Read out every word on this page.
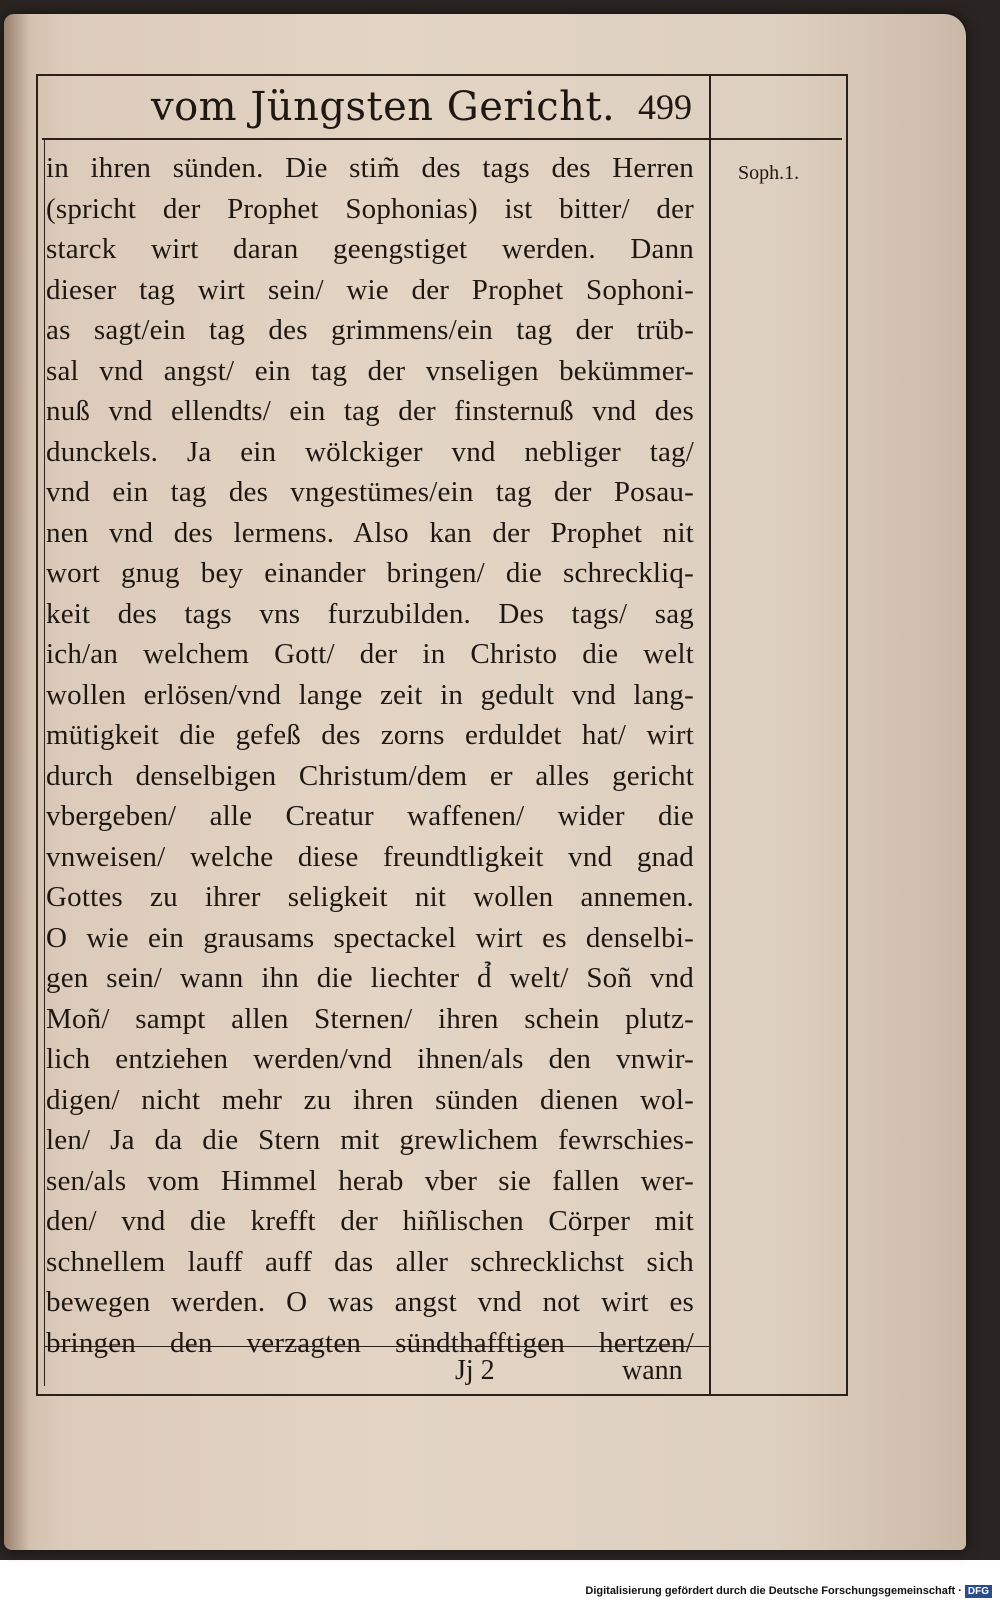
vom Jüngsten Gericht. 499
Soph.1.
in ihren sünden. Die stim̃ des tags des Herren
(spricht der Prophet Sophonias) ist bitter/ der
starck wirt daran geengstiget werden. Dann
dieser tag wirt sein/ wie der Prophet Sophoni-
as sagt/ein tag des grimmens/ein tag der trüb-
sal vnd angst/ ein tag der vnseligen bekümmer-
nuß vnd ellendts/ ein tag der finsternuß vnd des
dunckels. Ja ein wölckiger vnd nebliger tag/
vnd ein tag des vngestümes/ein tag der Posau-
nen vnd des lermens. Also kan der Prophet nit
wort gnug bey einander bringen/ die schreckliq-
keit des tags vns furzubilden. Des tags/ sag
ich/an welchem Gott/ der in Christo die welt
wollen erlösen/vnd lange zeit in gedult vnd lang-
mütigkeit die gefeß des zorns erduldet hat/ wirt
durch denselbigen Christum/dem er alles gericht
vbergeben/ alle Creatur waffenen/ wider die
vnweisen/ welche diese freundtligkeit vnd gnad
Gottes zu ihrer seligkeit nit wollen annemen.
O wie ein grausams spectackel wirt es denselbi-
gen sein/ wann ihn die liechter d̉ welt/ Soñ vnd
Moñ/ sampt allen Sternen/ ihren schein plutz-
lich entziehen werden/vnd ihnen/als den vnwir-
digen/ nicht mehr zu ihren sünden dienen wol-
len/ Ja da die Stern mit grewlichem fewrschies-
sen/als vom Himmel herab vber sie fallen wer-
den/ vnd die krefft der hiñlischen Cörper mit
schnellem lauff auff das aller schrecklichst sich
bewegen werden. O was angst vnd not wirt es
bringen den verzagten sündthafftigen hertzen/
Jj 2	wann
Digitalisierung gefördert durch die Deutsche Forschungsgemeinschaft · DFG
